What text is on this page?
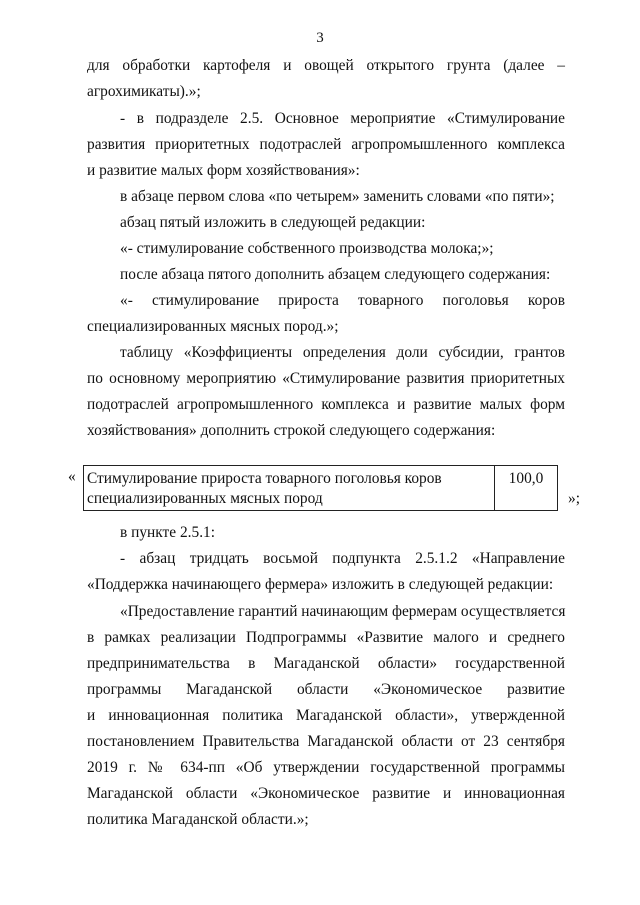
3
для обработки картофеля и овощей открытого грунта (далее –
агрохимикаты).»;
- в подразделе 2.5. Основное мероприятие «Стимулирование
развития приоритетных подотраслей агропромышленного комплекса
и развитие малых форм хозяйствования»:
в абзаце первом слова «по четырем» заменить словами «по пяти»;
абзац пятый изложить в следующей редакции:
«- стимулирование собственного производства молока;»;
после абзаца пятого дополнить абзацем следующего содержания:
«- стимулирование прироста товарного поголовья коров
специализированных мясных пород.»;
таблицу «Коэффициенты определения доли субсидии, грантов
по основному мероприятию «Стимулирование развития приоритетных
подотраслей агропромышленного комплекса и развитие малых форм
хозяйствования» дополнить строкой следующего содержания:
« Стимулирование прироста товарного поголовья коров
специализированных мясных пород
100,0
»;
в пункте 2.5.1:
- абзац тридцать восьмой подпункта 2.5.1.2 «Направление
«Поддержка начинающего фермера» изложить в следующей редакции:
«Предоставление гарантий начинающим фермерам осуществляется
в рамках реализации Подпрограммы «Развитие малого и среднего
предпринимательства в Магаданской области» государственной
программы Магаданской области «Экономическое развитие
и инновационная политика Магаданской области», утвержденной
постановлением Правительства Магаданской области от 23 сентября
2019 г. № 634-пп «Об утверждении государственной программы
Магаданской области «Экономическое развитие и инновационная
политика Магаданской области.»;
